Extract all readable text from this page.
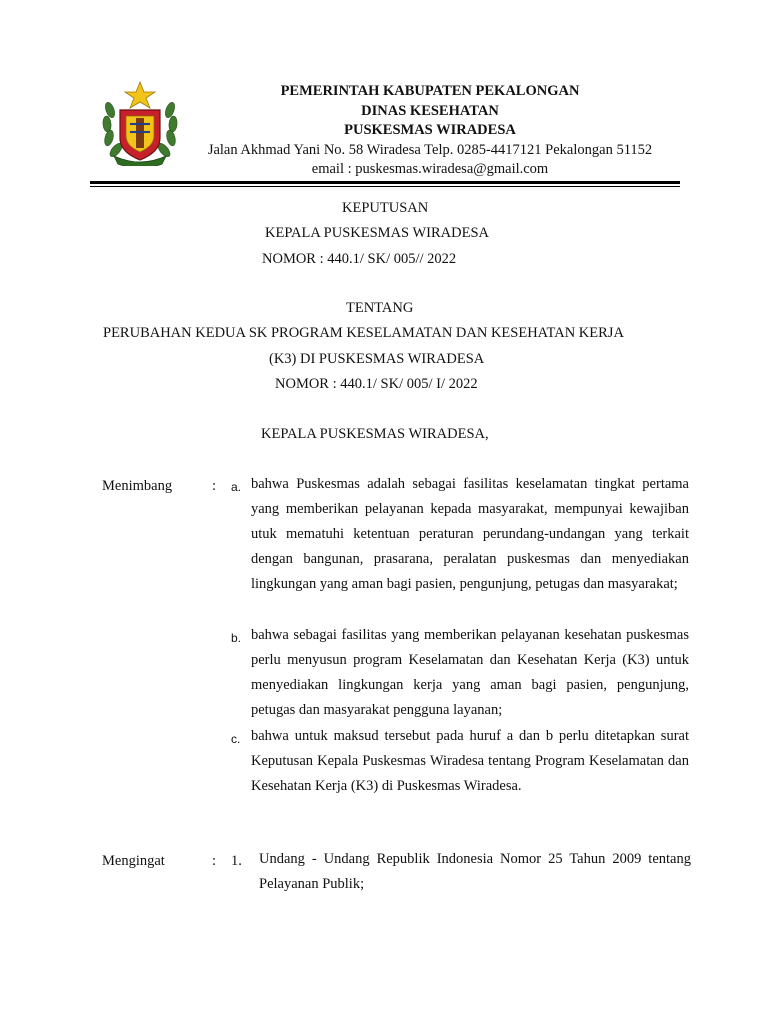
PEMERINTAH KABUPATEN PEKALONGAN
DINAS KESEHATAN
PUSKESMAS WIRADESA
Jalan Akhmad Yani No. 58 Wiradesa Telp. 0285-4417121 Pekalongan 51152
email : puskesmas.wiradesa@gmail.com
KEPUTUSAN
KEPALA PUSKESMAS WIRADESA
NOMOR : 440.1/ SK/ 005// 2022
TENTANG
PERUBAHAN KEDUA SK PROGRAM KESELAMATAN DAN KESEHATAN KERJA
(K3) DI PUSKESMAS WIRADESA
NOMOR : 440.1/ SK/ 005/ I/ 2022
KEPALA PUSKESMAS WIRADESA,
Menimbang	: a. bahwa Puskesmas adalah sebagai fasilitas keselamatan tingkat pertama yang memberikan pelayanan kepada masyarakat, mempunyai kewajiban utuk mematuhi ketentuan peraturan perundang-undangan yang terkait dengan bangunan, prasarana, peralatan puskesmas dan menyediakan lingkungan yang aman bagi pasien, pengunjung, petugas dan masyarakat;
b. bahwa sebagai fasilitas yang memberikan pelayanan kesehatan puskesmas perlu menyusun program Keselamatan dan Kesehatan Kerja (K3) untuk menyediakan lingkungan kerja yang aman bagi pasien, pengunjung, petugas dan masyarakat pengguna layanan;
c. bahwa untuk maksud tersebut pada huruf a dan b perlu ditetapkan surat Keputusan Kepala Puskesmas Wiradesa tentang Program Keselamatan dan Kesehatan Kerja (K3) di Puskesmas Wiradesa.
Mengingat	: 1. Undang - Undang Republik Indonesia Nomor 25 Tahun 2009 tentang Pelayanan Publik;
